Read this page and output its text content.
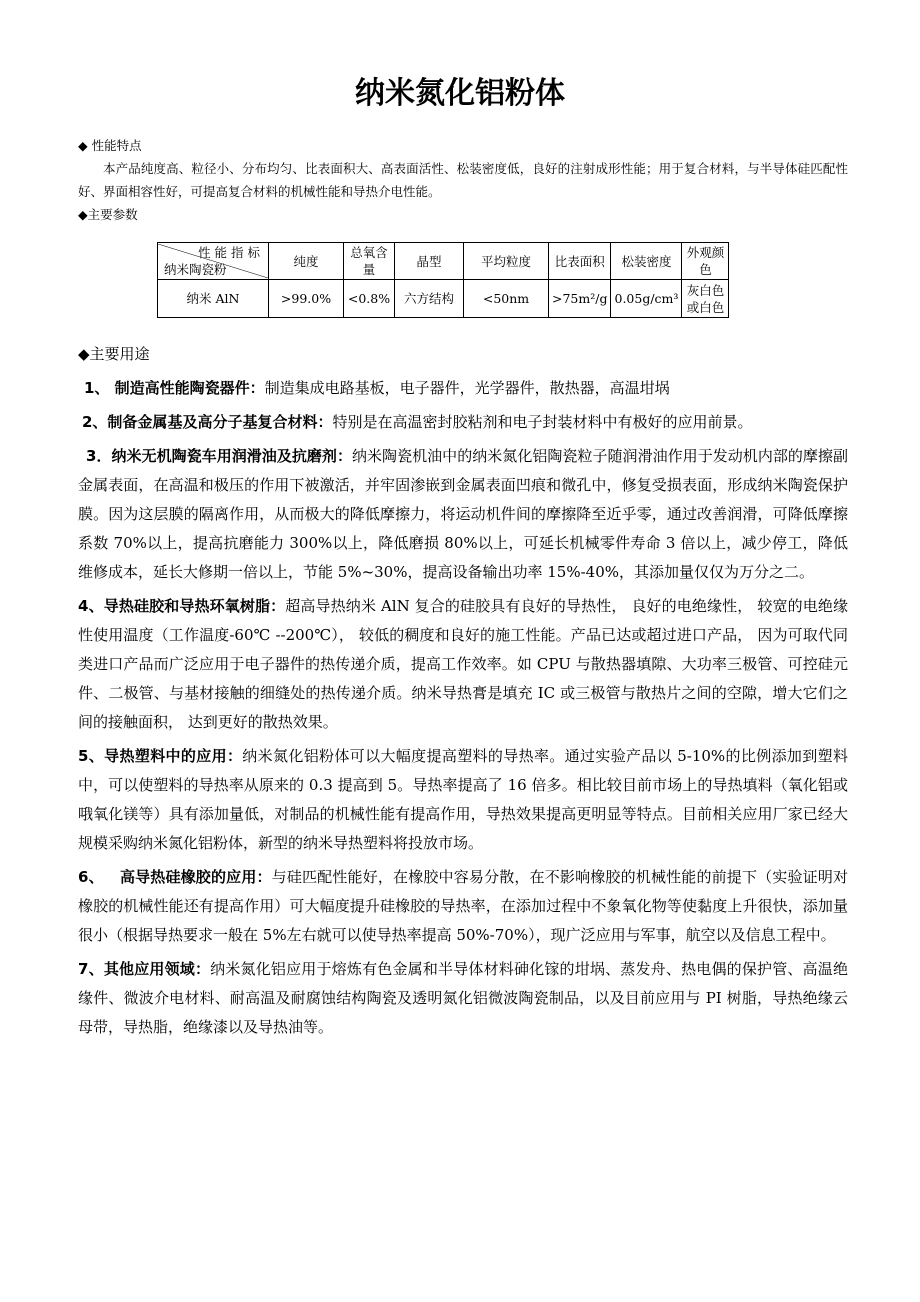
纳米氮化铝粉体
◆ 性能特点
本产品纯度高、粒径小、分布均匀、比表面积大、高表面活性、松装密度低，良好的注射成形性能；用于复合材料，与半导体硅匹配性好、界面相容性好，可提高复合材料的机械性能和导热介电性能。
◆主要参数
性 能 指 标
纳米陶瓷粉	纯度	总氧含量	晶型	平均粒度	比表面积	松装密度	外观颜色
纳米 AlN	>99.0%	<0.8%	六方结构	<50nm	>75m²/g	0.05g/cm³	灰白色或白色

◆主要用途

1、 制造高性能陶瓷器件：制造集成电路基板，电子器件，光学器件，散热器，高温坩埚

2、制备金属基及高分子基复合材料：特别是在高温密封胶粘剂和电子封装材料中有极好的应用前景。

3．纳米无机陶瓷车用润滑油及抗磨剂：纳米陶瓷机油中的纳米氮化铝陶瓷粒子随润滑油作用于发动机内部的摩擦副金属表面，在高温和极压的作用下被激活，并牢固渗嵌到金属表面凹痕和微孔中，修复受损表面，形成纳米陶瓷保护膜。因为这层膜的隔离作用，从而极大的降低摩擦力，将运动机件间的摩擦降至近乎零，通过改善润滑，可降低摩擦系数 70%以上，提高抗磨能力 300%以上，降低磨损 80%以上，可延长机械零件寿命 3 倍以上，减少停工，降低维修成本，延长大修期一倍以上，节能 5%~30%，提高设备输出功率 15%-40%，其添加量仅仅为万分之二。

4、导热硅胶和导热环氧树脂：超高导热纳米 AlN 复合的硅胶具有良好的导热性， 良好的电绝缘性， 较宽的电绝缘性使用温度（工作温度-60℃ --200℃）， 较低的稠度和良好的施工性能。产品已达或超过进口产品， 因为可取代同类进口产品而广泛应用于电子器件的热传递介质，提高工作效率。如 CPU 与散热器填隙、大功率三极管、可控硅元件、二极管、与基材接触的细缝处的热传递介质。纳米导热膏是填充 IC 或三极管与散热片之间的空隙，增大它们之间的接触面积， 达到更好的散热效果。

5、导热塑料中的应用：纳米氮化铝粉体可以大幅度提高塑料的导热率。通过实验产品以 5-10%的比例添加到塑料中，可以使塑料的导热率从原来的 0.3 提高到 5。导热率提高了 16 倍多。相比较目前市场上的导热填料（氧化铝或哦氧化镁等）具有添加量低，对制品的机械性能有提高作用，导热效果提高更明显等特点。目前相关应用厂家已经大规模采购纳米氮化铝粉体，新型的纳米导热塑料将投放市场。

6、   高导热硅橡胶的应用：与硅匹配性能好，在橡胶中容易分散，在不影响橡胶的机械性能的前提下（实验证明对橡胶的机械性能还有提高作用）可大幅度提升硅橡胶的导热率，在添加过程中不象氧化物等使黏度上升很快，添加量很小（根据导热要求一般在 5%左右就可以使导热率提高 50%-70%），现广泛应用与军事，航空以及信息工程中。

7、其他应用领域：纳米氮化铝应用于熔炼有色金属和半导体材料砷化镓的坩埚、蒸发舟、热电偶的保护管、高温绝缘件、微波介电材料、耐高温及耐腐蚀结构陶瓷及透明氮化铝微波陶瓷制品，以及目前应用与 PI 树脂，导热绝缘云母带，导热脂，绝缘漆以及导热油等。
